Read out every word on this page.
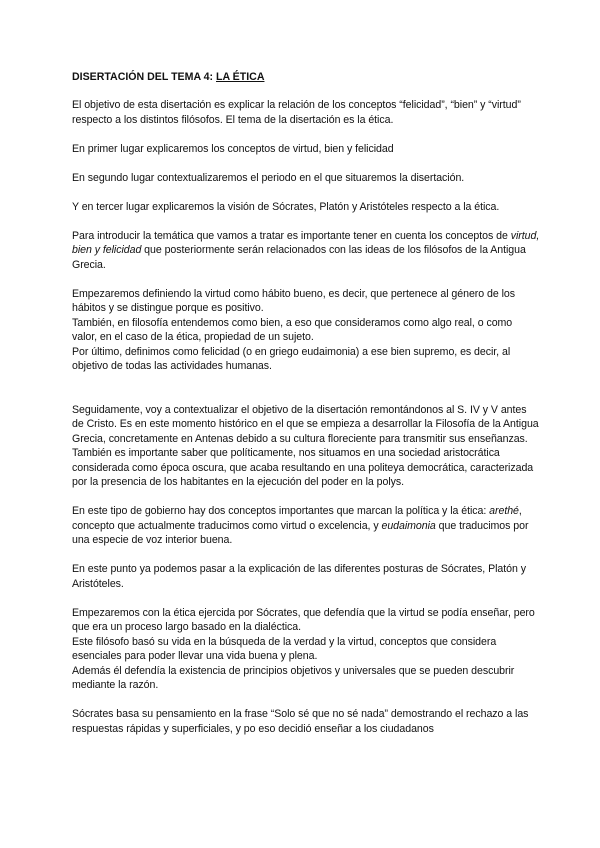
DISERTACIÓN DEL TEMA 4: LA ÉTICA

El objetivo de esta disertación es explicar la relación de los conceptos “felicidad”, “bien” y “virtud” respecto a los distintos filósofos. El tema de la disertación es la ética.

En primer lugar explicaremos los conceptos de virtud, bien y felicidad

En segundo lugar contextualizaremos el periodo en el que situaremos la disertación.

Y en tercer lugar explicaremos la visión de Sócrates, Platón y Aristóteles respecto a la ética.

Para introducir la temática que vamos a tratar es importante tener en cuenta los conceptos de virtud, bien y felicidad que posteriormente serán relacionados con las ideas de los filósofos de la Antigua Grecia.

Empezaremos definiendo la virtud como hábito bueno, es decir, que pertenece al género de los hábitos y se distingue porque es positivo.

También, en filosofía entendemos como bien, a eso que consideramos como algo real, o como valor, en el caso de la ética, propiedad de un sujeto.

Por último, definimos como felicidad (o en griego eudaimonia) a ese bien supremo, es decir, al objetivo de todas las actividades humanas.

Seguidamente, voy a contextualizar el objetivo de la disertación remontándonos al S. IV y V antes de Cristo. Es en este momento histórico en el que se empieza a desarrollar la Filosofía de la Antigua Grecia, concretamente en Antenas debido a su cultura floreciente para transmitir sus enseñanzas.

También es importante saber que políticamente, nos situamos en una sociedad aristocrática considerada como época oscura, que acaba resultando en una politeya democrática, caracterizada por la presencia de los habitantes en la ejecución del poder en la polys.

En este tipo de gobierno hay dos conceptos importantes que marcan la política y la ética: arethé, concepto que actualmente traducimos como virtud o excelencia, y eudaimonia que traducimos por una especie de voz interior buena.

En este punto ya podemos pasar a la explicación de las diferentes posturas de Sócrates, Platón y Aristóteles.

Empezaremos con la ética ejercida por Sócrates, que defendía que la virtud se podía enseñar, pero que era un proceso largo basado en la dialéctica.

Este filósofo basó su vida en la búsqueda de la verdad y la virtud, conceptos que considera esenciales para poder llevar una vida buena y plena.

Además él defendía la existencia de principios objetivos y universales que se pueden descubrir mediante la razón.

Sócrates basa su pensamiento en la frase “Solo sé que no sé nada” demostrando el rechazo a las respuestas rápidas y superficiales, y po eso decidió enseñar a los ciudadanos
